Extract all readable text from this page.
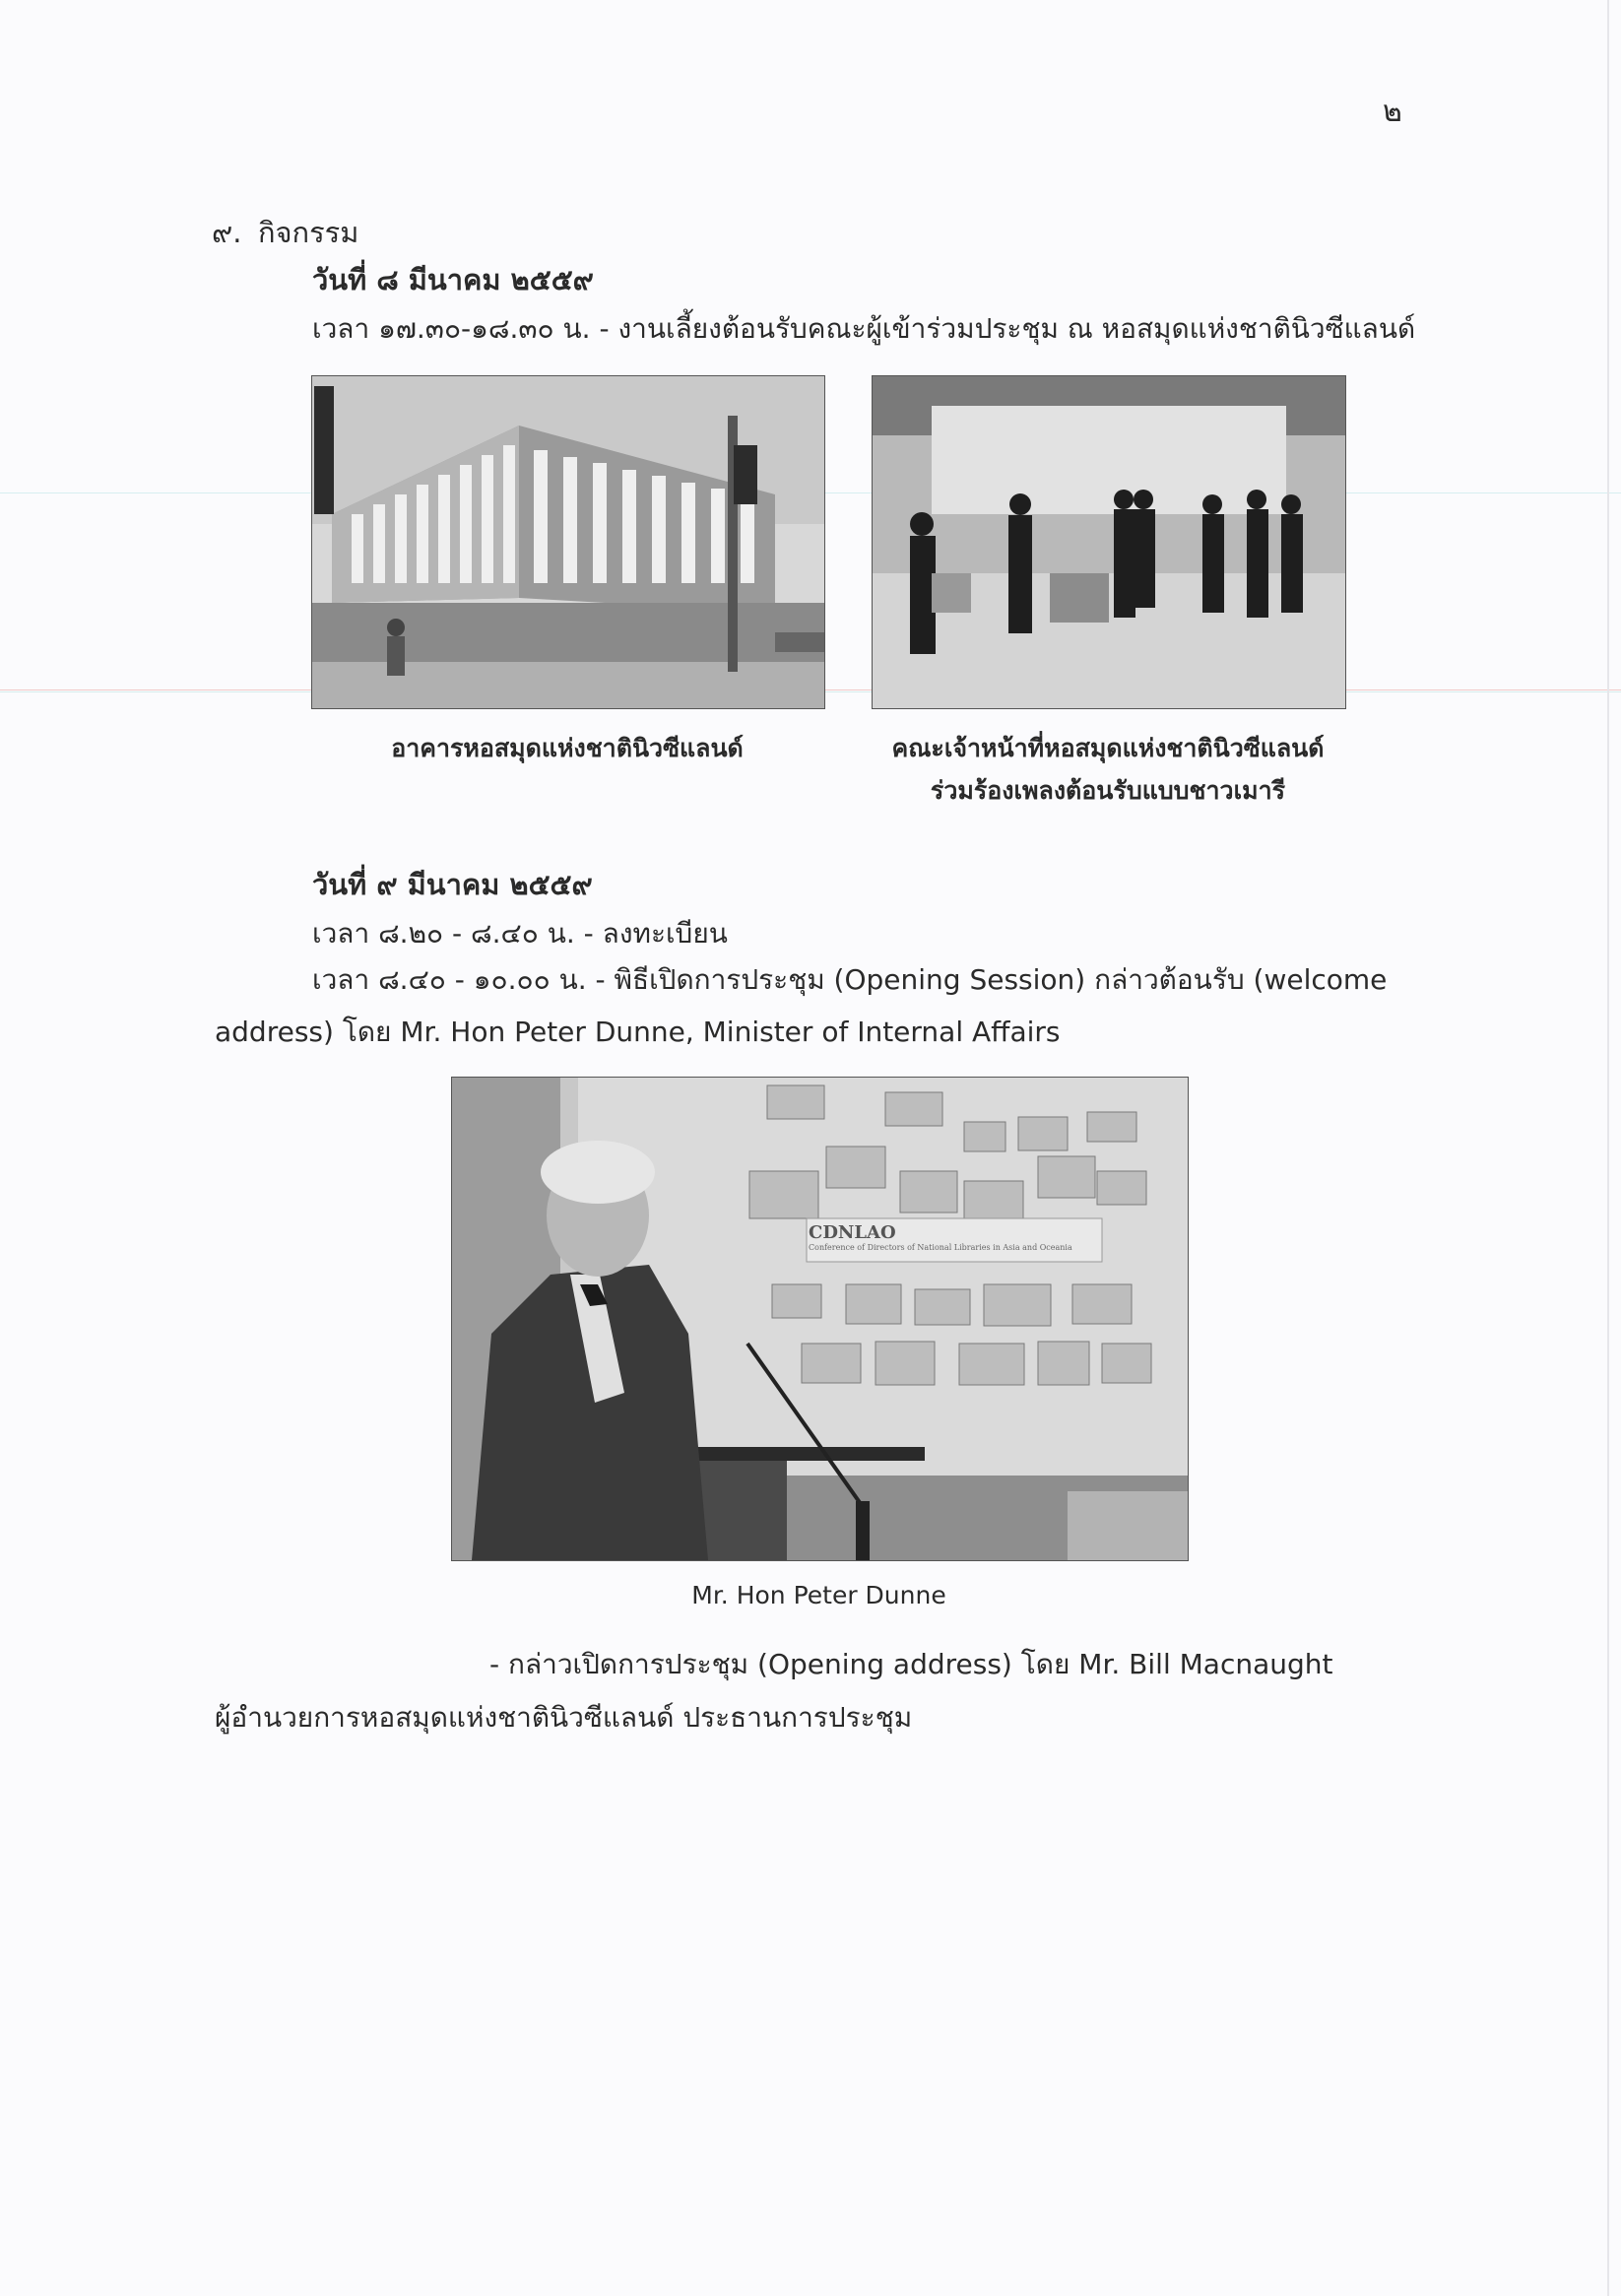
๒
๙. กิจกรรม
วันที่ ๘ มีนาคม ๒๕๕๙
เวลา ๑๗.๓๐-๑๘.๓๐ น. - งานเลี้ยงต้อนรับคณะผู้เข้าร่วมประชุม ณ หอสมุดแห่งชาตินิวซีแลนด์
อาคารหอสมุดแห่งชาตินิวซีแลนด์	คณะเจ้าหน้าที่หอสมุดแห่งชาตินิวซีแลนด์
ร่วมร้องเพลงต้อนรับแบบชาวเมารี
วันที่ ๙ มีนาคม ๒๕๕๙
เวลา ๘.๒๐ - ๘.๔๐ น. - ลงทะเบียน
เวลา ๘.๔๐ - ๑๐.๐๐ น. - พิธีเปิดการประชุม (Opening Session) กล่าวต้อนรับ (welcome
address) โดย Mr. Hon Peter Dunne, Minister of Internal Affairs
CDNLAO
Conference of Directors of National Libraries in Asia and Oceania
Mr. Hon Peter Dunne
- กล่าวเปิดการประชุม (Opening address) โดย Mr. Bill Macnaught
ผู้อำนวยการหอสมุดแห่งชาตินิวซีแลนด์ ประธานการประชุม
